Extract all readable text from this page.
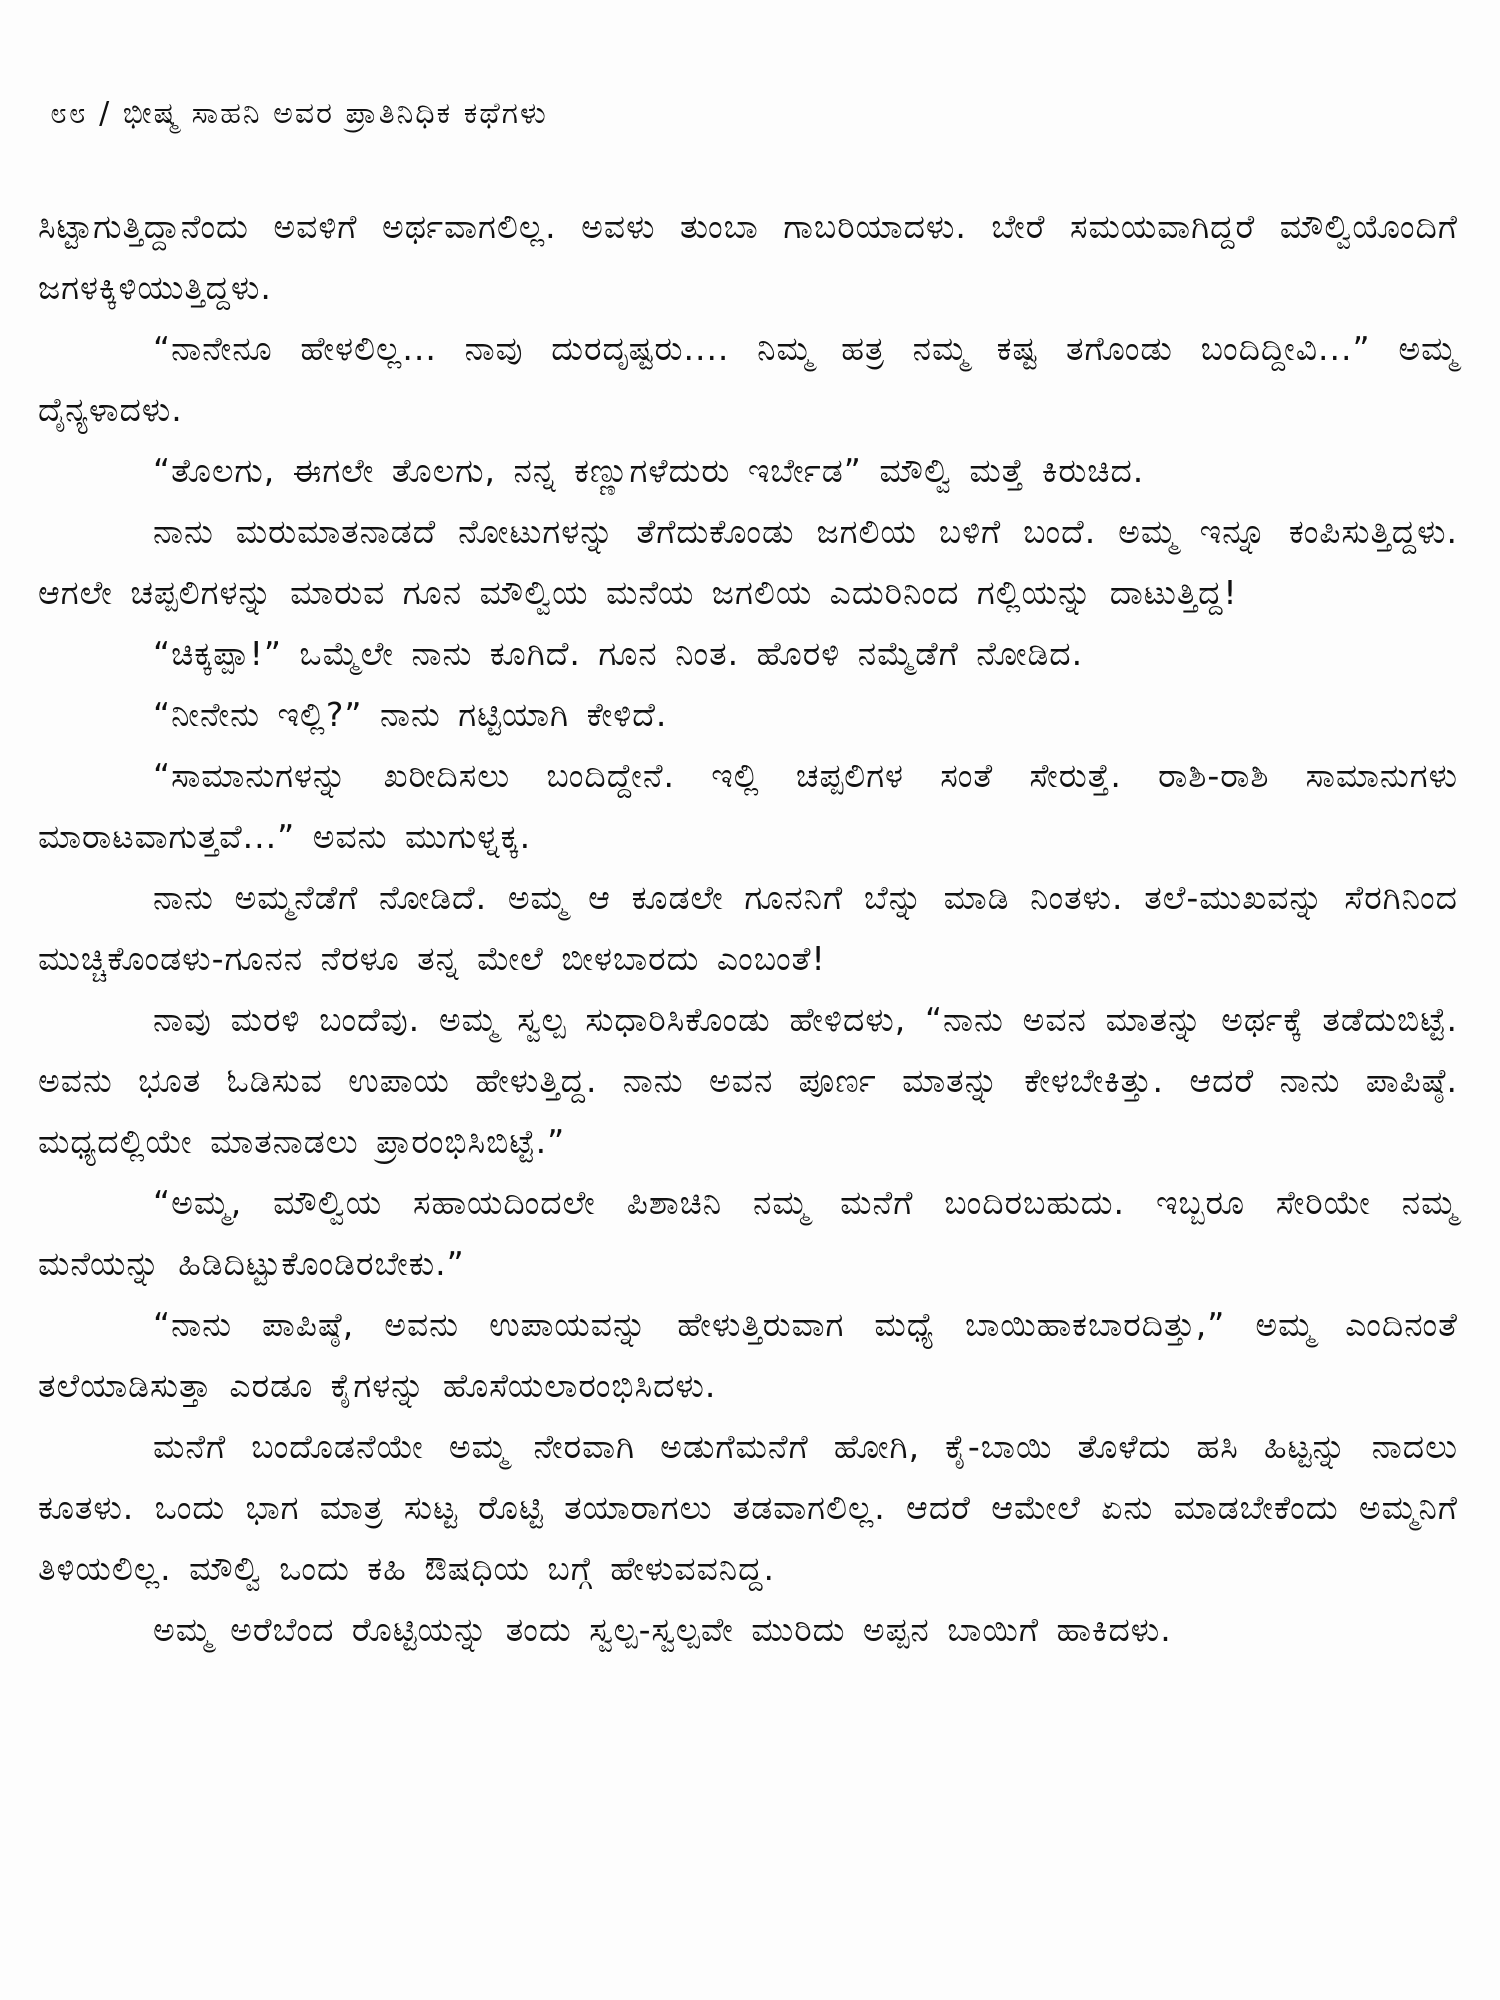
೮೮ / ಭೀಷ್ಮ ಸಾಹನಿ ಅವರ ಪ್ರಾತಿನಿಧಿಕ ಕಥೆಗಳು

ಸಿಟ್ಟಾಗುತ್ತಿದ್ದಾನೆಂದು ಅವಳಿಗೆ ಅರ್ಥವಾಗಲಿಲ್ಲ. ಅವಳು ತುಂಬಾ ಗಾಬರಿಯಾದಳು. ಬೇರೆ ಸಮಯವಾಗಿದ್ದರೆ ಮೌಲ್ವಿಯೊಂದಿಗೆ ಜಗಳಕ್ಕಿಳಿಯುತ್ತಿದ್ದಳು.

“ನಾನೇನೂ ಹೇಳಲಿಲ್ಲ... ನಾವು ದುರದೃಷ್ಟರು.... ನಿಮ್ಮ ಹತ್ರ ನಮ್ಮ ಕಷ್ಟ ತಗೊಂಡು ಬಂದಿದ್ದೀವಿ...” ಅಮ್ಮ ದೈನ್ಯಳಾದಳು.

“ತೊಲಗು, ಈಗಲೇ ತೊಲಗು, ನನ್ನ ಕಣ್ಣುಗಳೆದುರು ಇರ್ಬೇಡ” ಮೌಲ್ವಿ ಮತ್ತೆ ಕಿರುಚಿದ.

ನಾನು ಮರುಮಾತನಾಡದೆ ನೋಟುಗಳನ್ನು ತೆಗೆದುಕೊಂಡು ಜಗಲಿಯ ಬಳಿಗೆ ಬಂದೆ. ಅಮ್ಮ ಇನ್ನೂ ಕಂಪಿಸುತ್ತಿದ್ದಳು. ಆಗಲೇ ಚಪ್ಪಲಿಗಳನ್ನು ಮಾರುವ ಗೂನ ಮೌಲ್ವಿಯ ಮನೆಯ ಜಗಲಿಯ ಎದುರಿನಿಂದ ಗಲ್ಲಿಯನ್ನು ದಾಟುತ್ತಿದ್ದ!

“ಚಿಕ್ಕಪ್ಪಾ!” ಒಮ್ಮೆಲೇ ನಾನು ಕೂಗಿದೆ. ಗೂನ ನಿಂತ. ಹೊರಳಿ ನಮ್ಮೆಡೆಗೆ ನೋಡಿದ.

“ನೀನೇನು ಇಲ್ಲಿ?” ನಾನು ಗಟ್ಟಿಯಾಗಿ ಕೇಳಿದೆ.

“ಸಾಮಾನುಗಳನ್ನು ಖರೀದಿಸಲು ಬಂದಿದ್ದೇನೆ. ಇಲ್ಲಿ ಚಪ್ಪಲಿಗಳ ಸಂತೆ ಸೇರುತ್ತೆ. ರಾಶಿ-ರಾಶಿ ಸಾಮಾನುಗಳು ಮಾರಾಟವಾಗುತ್ತವೆ...” ಅವನು ಮುಗುಳ್ನಕ್ಕ.

ನಾನು ಅಮ್ಮನೆಡೆಗೆ ನೋಡಿದೆ. ಅಮ್ಮ ಆ ಕೂಡಲೇ ಗೂನನಿಗೆ ಬೆನ್ನು ಮಾಡಿ ನಿಂತಳು. ತಲೆ-ಮುಖವನ್ನು ಸೆರಗಿನಿಂದ ಮುಚ್ಚಿಕೊಂಡಳು-ಗೂನನ ನೆರಳೂ ತನ್ನ ಮೇಲೆ ಬೀಳಬಾರದು ಎಂಬಂತೆ!

ನಾವು ಮರಳಿ ಬಂದೆವು. ಅಮ್ಮ ಸ್ವಲ್ಪ ಸುಧಾರಿಸಿಕೊಂಡು ಹೇಳಿದಳು, “ನಾನು ಅವನ ಮಾತನ್ನು ಅರ್ಥಕ್ಕೆ ತಡೆದುಬಿಟ್ಟೆ. ಅವನು ಭೂತ ಓಡಿಸುವ ಉಪಾಯ ಹೇಳುತ್ತಿದ್ದ. ನಾನು ಅವನ ಪೂರ್ಣ ಮಾತನ್ನು ಕೇಳಬೇಕಿತ್ತು. ಆದರೆ ನಾನು ಪಾಪಿಷ್ಠೆ. ಮಧ್ಯದಲ್ಲಿಯೇ ಮಾತನಾಡಲು ಪ್ರಾರಂಭಿಸಿಬಿಟ್ಟೆ.”

“ಅಮ್ಮ, ಮೌಲ್ವಿಯ ಸಹಾಯದಿಂದಲೇ ಪಿಶಾಚಿನಿ ನಮ್ಮ ಮನೆಗೆ ಬಂದಿರಬಹುದು. ಇಬ್ಬರೂ ಸೇರಿಯೇ ನಮ್ಮ ಮನೆಯನ್ನು ಹಿಡಿದಿಟ್ಟುಕೊಂಡಿರಬೇಕು.”

“ನಾನು ಪಾಪಿಷ್ಠೆ, ಅವನು ಉಪಾಯವನ್ನು ಹೇಳುತ್ತಿರುವಾಗ ಮಧ್ಯೆ ಬಾಯಿಹಾಕಬಾರದಿತ್ತು,” ಅಮ್ಮ ಎಂದಿನಂತೆ ತಲೆಯಾಡಿಸುತ್ತಾ ಎರಡೂ ಕೈಗಳನ್ನು ಹೊಸೆಯಲಾರಂಭಿಸಿದಳು.

ಮನೆಗೆ ಬಂದೊಡನೆಯೇ ಅಮ್ಮ ನೇರವಾಗಿ ಅಡುಗೆಮನೆಗೆ ಹೋಗಿ, ಕೈ-ಬಾಯಿ ತೊಳೆದು ಹಸಿ ಹಿಟ್ಟನ್ನು ನಾದಲು ಕೂತಳು. ಒಂದು ಭಾಗ ಮಾತ್ರ ಸುಟ್ಟ ರೊಟ್ಟಿ ತಯಾರಾಗಲು ತಡವಾಗಲಿಲ್ಲ. ಆದರೆ ಆಮೇಲೆ ಏನು ಮಾಡಬೇಕೆಂದು ಅಮ್ಮನಿಗೆ ತಿಳಿಯಲಿಲ್ಲ. ಮೌಲ್ವಿ ಒಂದು ಕಹಿ ಔಷಧಿಯ ಬಗ್ಗೆ ಹೇಳುವವನಿದ್ದ.

ಅಮ್ಮ ಅರೆಬೆಂದ ರೊಟ್ಟಿಯನ್ನು ತಂದು ಸ್ವಲ್ಪ-ಸ್ವಲ್ಪವೇ ಮುರಿದು ಅಪ್ಪನ ಬಾಯಿಗೆ ಹಾಕಿದಳು.
